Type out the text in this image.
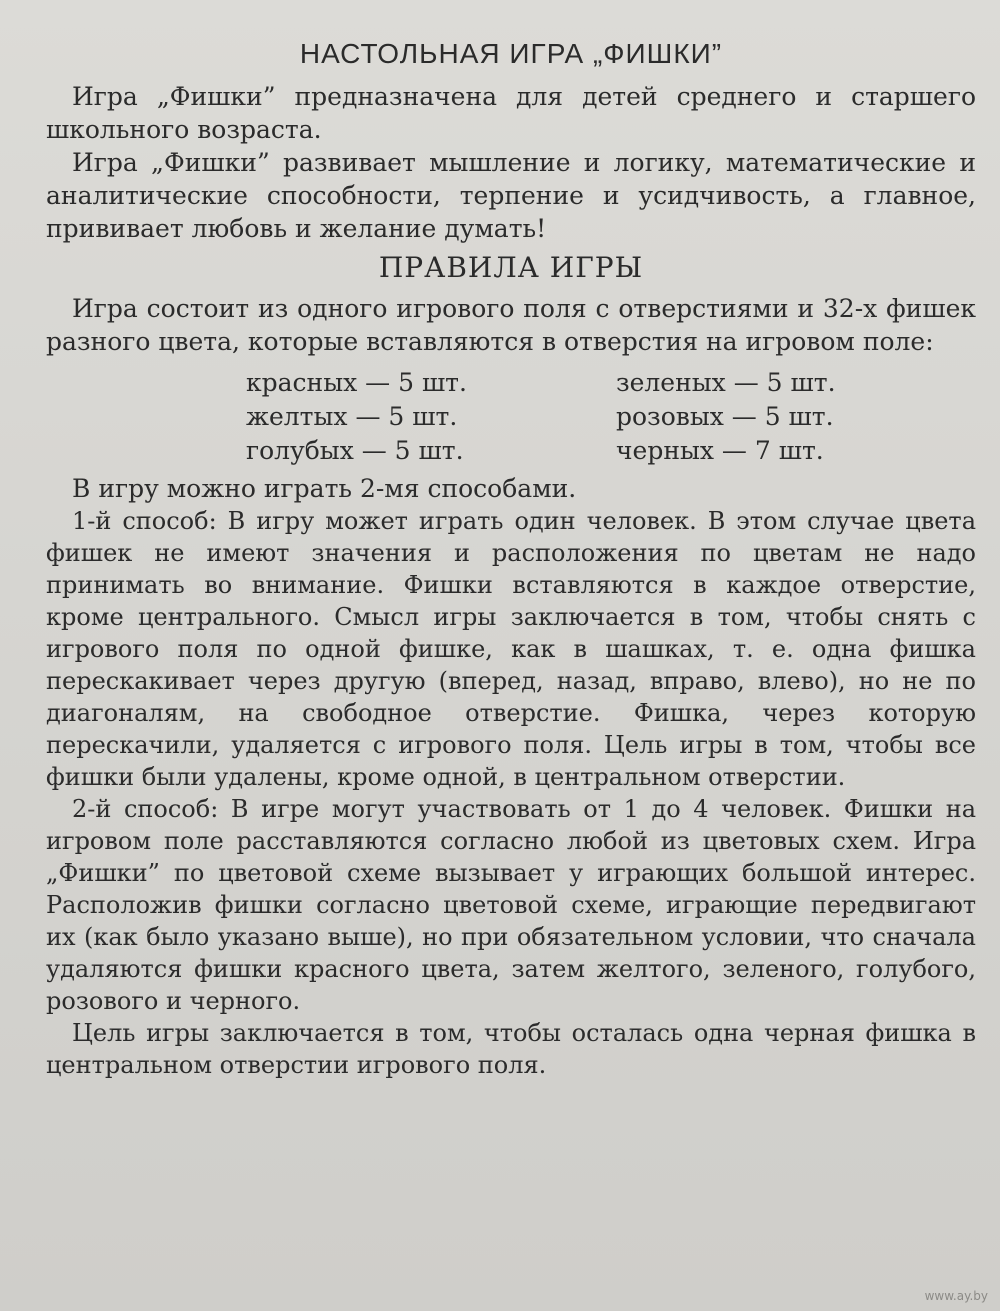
НАСТОЛЬНАЯ ИГРА „ФИШКИ”

Игра „Фишки” предназначена для детей среднего и старшего школьного возраста.

Игра „Фишки” развивает мышление и логику, математические и аналитические способности, терпение и усидчивость, а главное, прививает любовь и желание думать!

ПРАВИЛА ИГРЫ

Игра состоит из одного игрового поля с отверстиями и 32-х фишек разного цвета, которые вставляются в отверстия на игровом поле:

красных — 5 шт.	зеленых — 5 шт.
желтых — 5 шт.	розовых — 5 шт.
голубых — 5 шт.	черных — 7 шт.

В игру можно играть 2-мя способами.

1-й способ: В игру может играть один человек. В этом случае цвета фишек не имеют значения и расположения по цветам не надо принимать во внимание. Фишки вставляются в каждое отверстие, кроме центрального. Смысл игры заключается в том, чтобы снять с игрового поля по одной фишке, как в шашках, т. е. одна фишка перескакивает через другую (вперед, назад, вправо, влево), но не по диагоналям, на свободное отверстие. Фишка, через которую перескачили, удаляется с игрового поля. Цель игры в том, чтобы все фишки были удалены, кроме одной, в центральном отверстии.

2-й способ: В игре могут участвовать от 1 до 4 человек. Фишки на игровом поле расставляются согласно любой из цветовых схем. Игра „Фишки” по цветовой схеме вызывает у играющих большой интерес. Расположив фишки согласно цветовой схеме, играющие передвигают их (как было указано выше), но при обязательном условии, что сначала удаляются фишки красного цвета, затем желтого, зеленого, голубого, розового и черного.

Цель игры заключается в том, чтобы осталась одна черная фишка в центральном отверстии игрового поля.

www.ay.by
